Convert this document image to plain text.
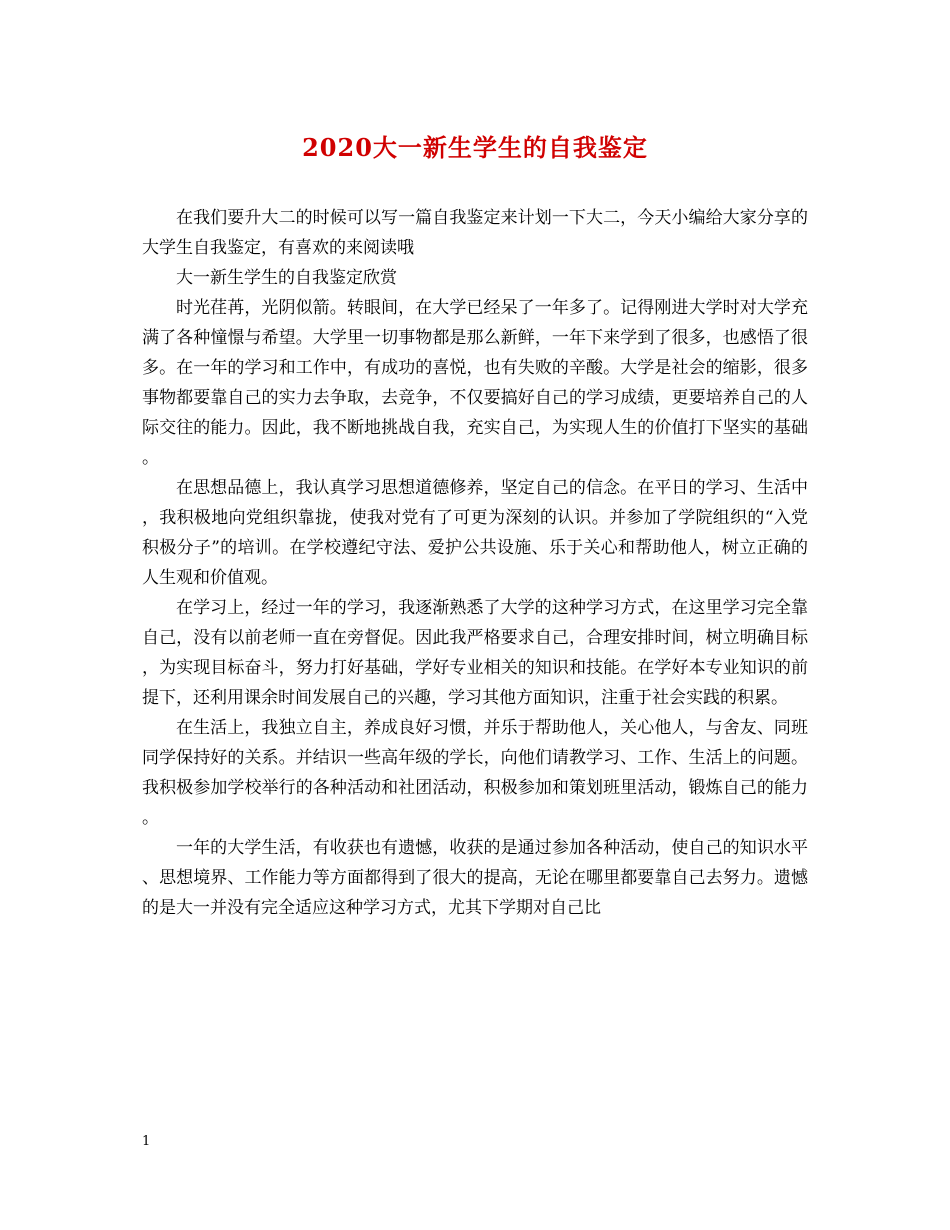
2020大一新生学生的自我鉴定

在我们要升大二的时候可以写一篇自我鉴定来计划一下大二，今天小编给大家分享的大学生自我鉴定，有喜欢的来阅读哦

大一新生学生的自我鉴定欣赏

时光荏苒，光阴似箭。转眼间，在大学已经呆了一年多了。记得刚进大学时对大学充满了各种憧憬与希望。大学里一切事物都是那么新鲜，一年下来学到了很多，也感悟了很多。在一年的学习和工作中，有成功的喜悦，也有失败的辛酸。大学是社会的缩影，很多事物都要靠自己的实力去争取，去竞争，不仅要搞好自己的学习成绩，更要培养自己的人际交往的能力。因此，我不断地挑战自我，充实自己，为实现人生的价值打下坚实的基础。

在思想品德上，我认真学习思想道德修养，坚定自己的信念。在平日的学习、生活中，我积极地向党组织靠拢，使我对党有了可更为深刻的认识。并参加了学院组织的“入党积极分子”的培训。在学校遵纪守法、爱护公共设施、乐于关心和帮助他人，树立正确的人生观和价值观。

在学习上，经过一年的学习，我逐渐熟悉了大学的这种学习方式，在这里学习完全靠自己，没有以前老师一直在旁督促。因此我严格要求自己，合理安排时间，树立明确目标，为实现目标奋斗，努力打好基础，学好专业相关的知识和技能。在学好本专业知识的前提下，还利用课余时间发展自己的兴趣，学习其他方面知识，注重于社会实践的积累。

在生活上，我独立自主，养成良好习惯，并乐于帮助他人，关心他人，与舍友、同班同学保持好的关系。并结识一些高年级的学长，向他们请教学习、工作、生活上的问题。我积极参加学校举行的各种活动和社团活动，积极参加和策划班里活动，锻炼自己的能力。

一年的大学生活，有收获也有遗憾，收获的是通过参加各种活动，使自己的知识水平、思想境界、工作能力等方面都得到了很大的提高，无论在哪里都要靠自己去努力。遗憾的是大一并没有完全适应这种学习方式，尤其下学期对自己比

1
